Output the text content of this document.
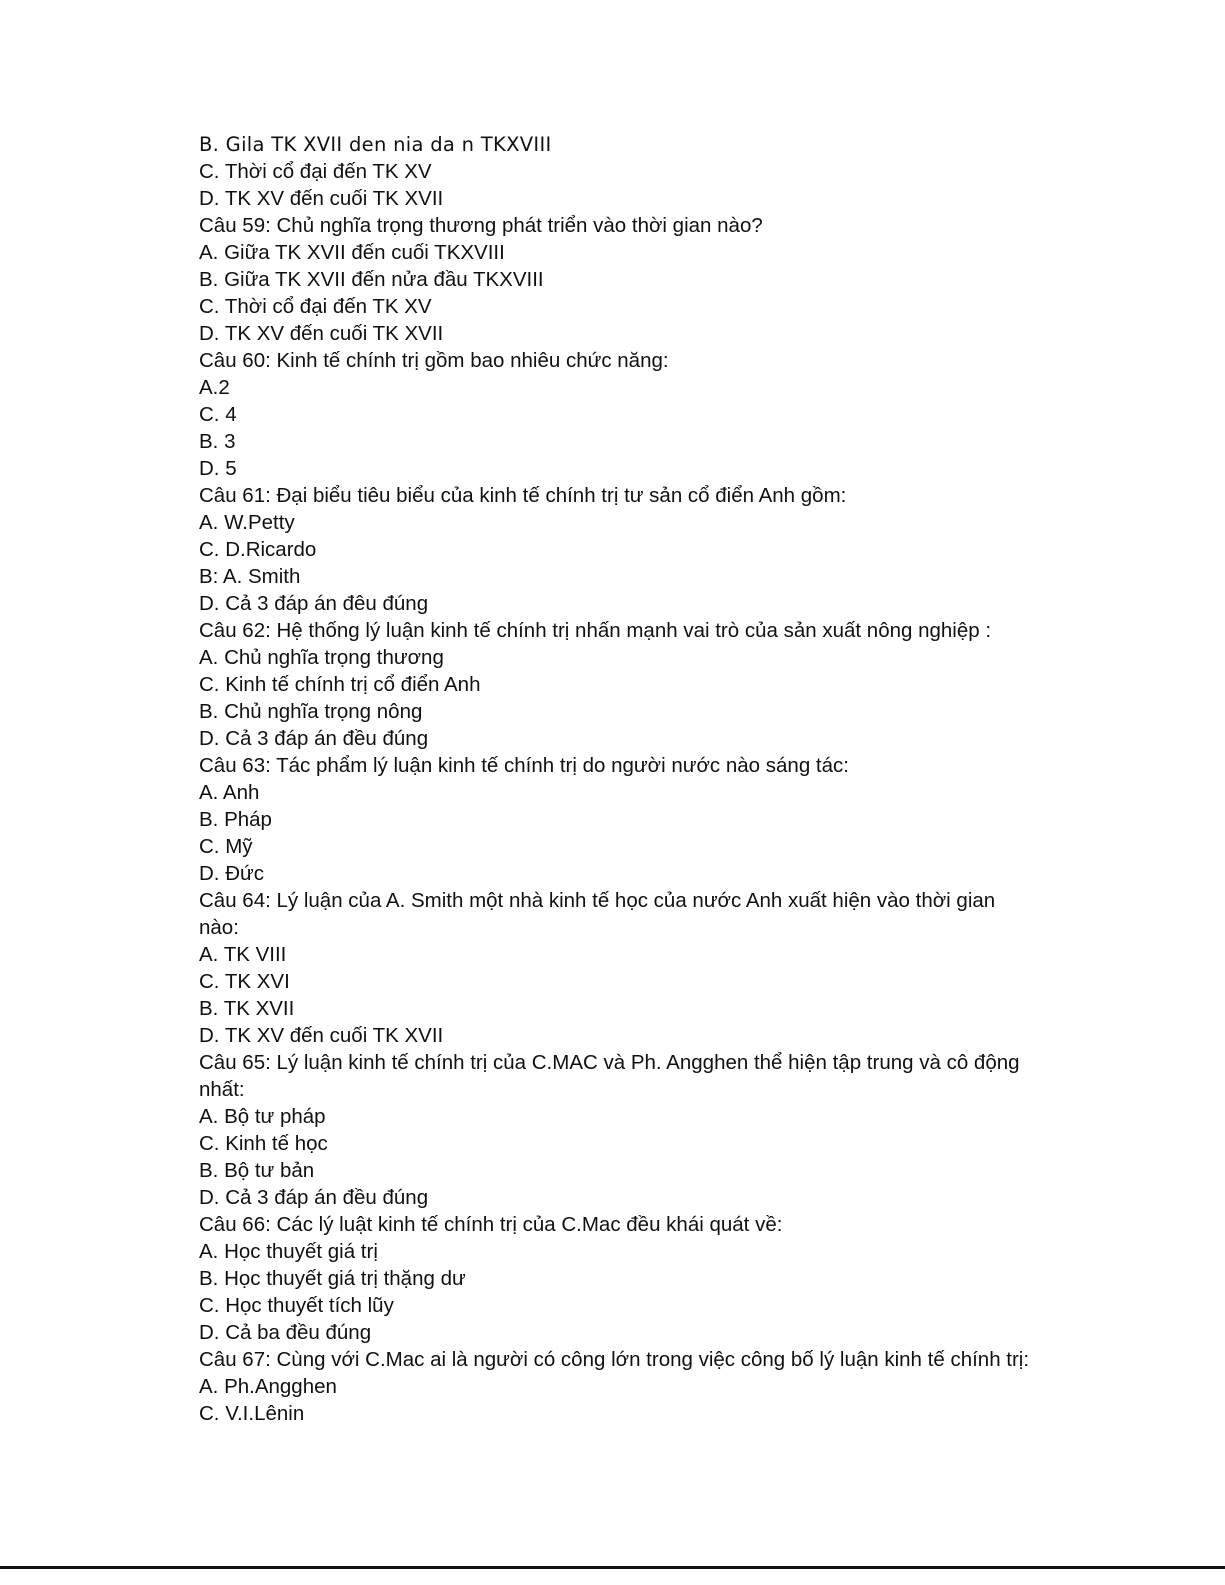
B. Gila TK XVII den nia da ո TKXVIII
C. Thời cổ đại đến TK XV
D. TK XV đến cuối TK XVII
Câu 59: Chủ nghĩa trọng thương phát triển vào thời gian nào?
A. Giữa TK XVII đến cuối TKXVIII
B. Giữa TK XVII đến nửa đầu TKXVIII
C. Thời cổ đại đến TK XV
D. TK XV đến cuối TK XVII
Câu 60: Kinh tế chính trị gồm bao nhiêu chức năng:
A.2
C. 4
B. 3
D. 5
Câu 61: Đại biểu tiêu biểu của kinh tế chính trị tư sản cổ điển Anh gồm:
A. W.Petty
C. D.Ricardo
B: A. Smith
D. Cả 3 đáp án đêu đúng
Câu 62: Hệ thống lý luận kinh tế chính trị nhấn mạnh vai trò của sản xuất nông nghiệp :
A. Chủ nghĩa trọng thương
C. Kinh tế chính trị cổ điển Anh
B. Chủ nghĩa trọng nông
D. Cả 3 đáp án đều đúng
Câu 63: Tác phẩm lý luận kinh tế chính trị do người nước nào sáng tác:
A. Anh
B. Pháp
C. Mỹ
D. Đức
Câu 64: Lý luận của A. Smith một nhà kinh tế học của nước Anh xuất hiện vào thời gian
nào:
A. TK VIII
C. TK XVI
B. TK XVII
D. TK XV đến cuối TK XVII
Câu 65: Lý luận kinh tế chính trị của C.MAC và Ph. Angghen thể hiện tập trung và cô động
nhất:
A. Bộ tư pháp
C. Kinh tế học
B. Bộ tư bản
D. Cả 3 đáp án đều đúng
Câu 66: Các lý luật kinh tế chính trị của C.Mac đều khái quát về:
A. Học thuyết giá trị
B. Học thuyết giá trị thặng dư
C. Học thuyết tích lũy
D. Cả ba đều đúng
Câu 67: Cùng với C.Mac ai là người có công lớn trong việc công bố lý luận kinh tế chính trị:
A. Ph.Angghen
C. V.I.Lênin
